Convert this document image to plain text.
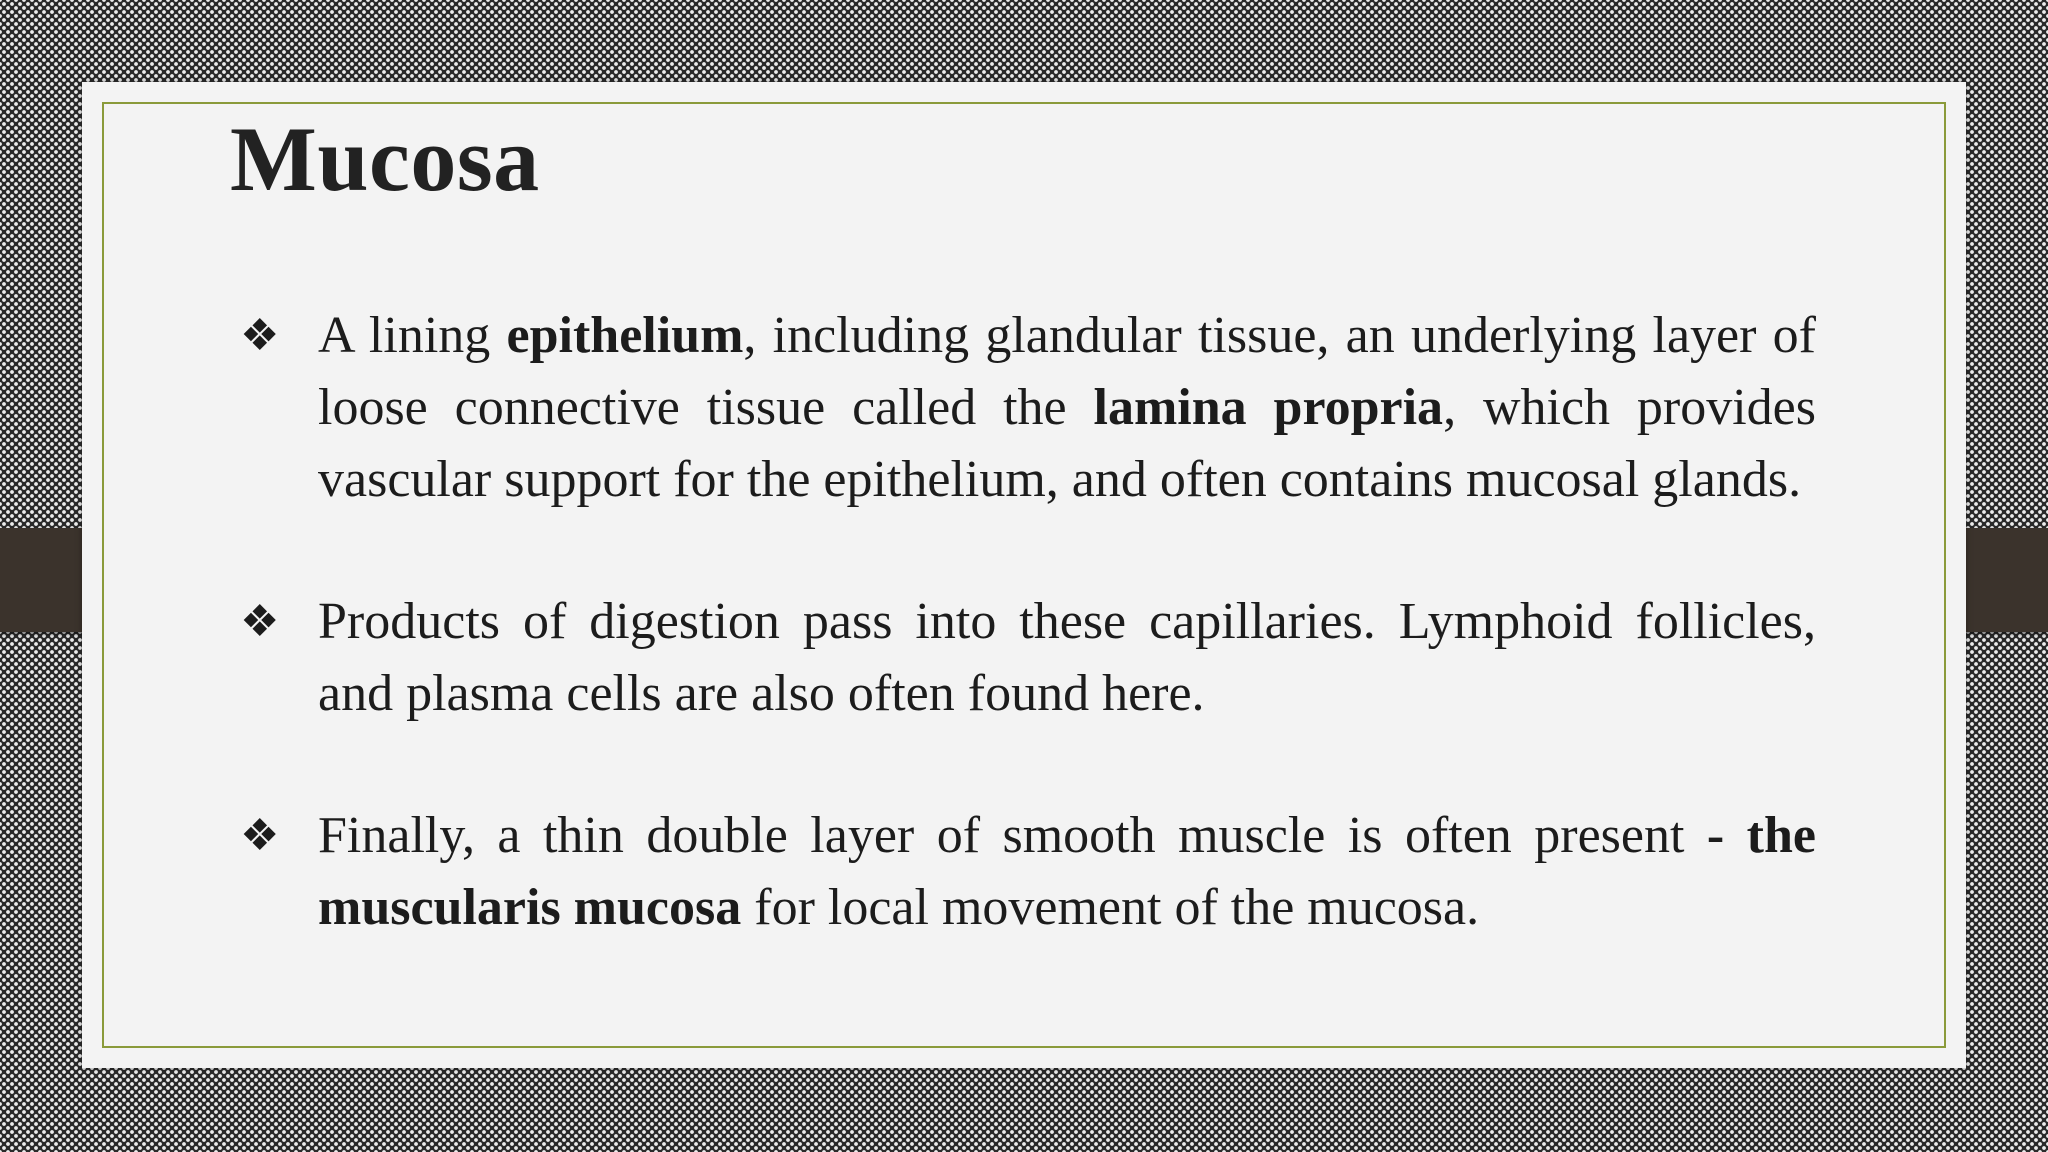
Mucosa
❖ A lining epithelium, including glandular tissue, an underlying layer of loose connective tissue called the lamina propria, which provides vascular support for the epithelium, and often contains mucosal glands.
❖ Products of digestion pass into these capillaries. Lymphoid follicles, and plasma cells are also often found here.
❖ Finally, a thin double layer of smooth muscle is often present - the muscularis mucosa for local movement of the mucosa.
